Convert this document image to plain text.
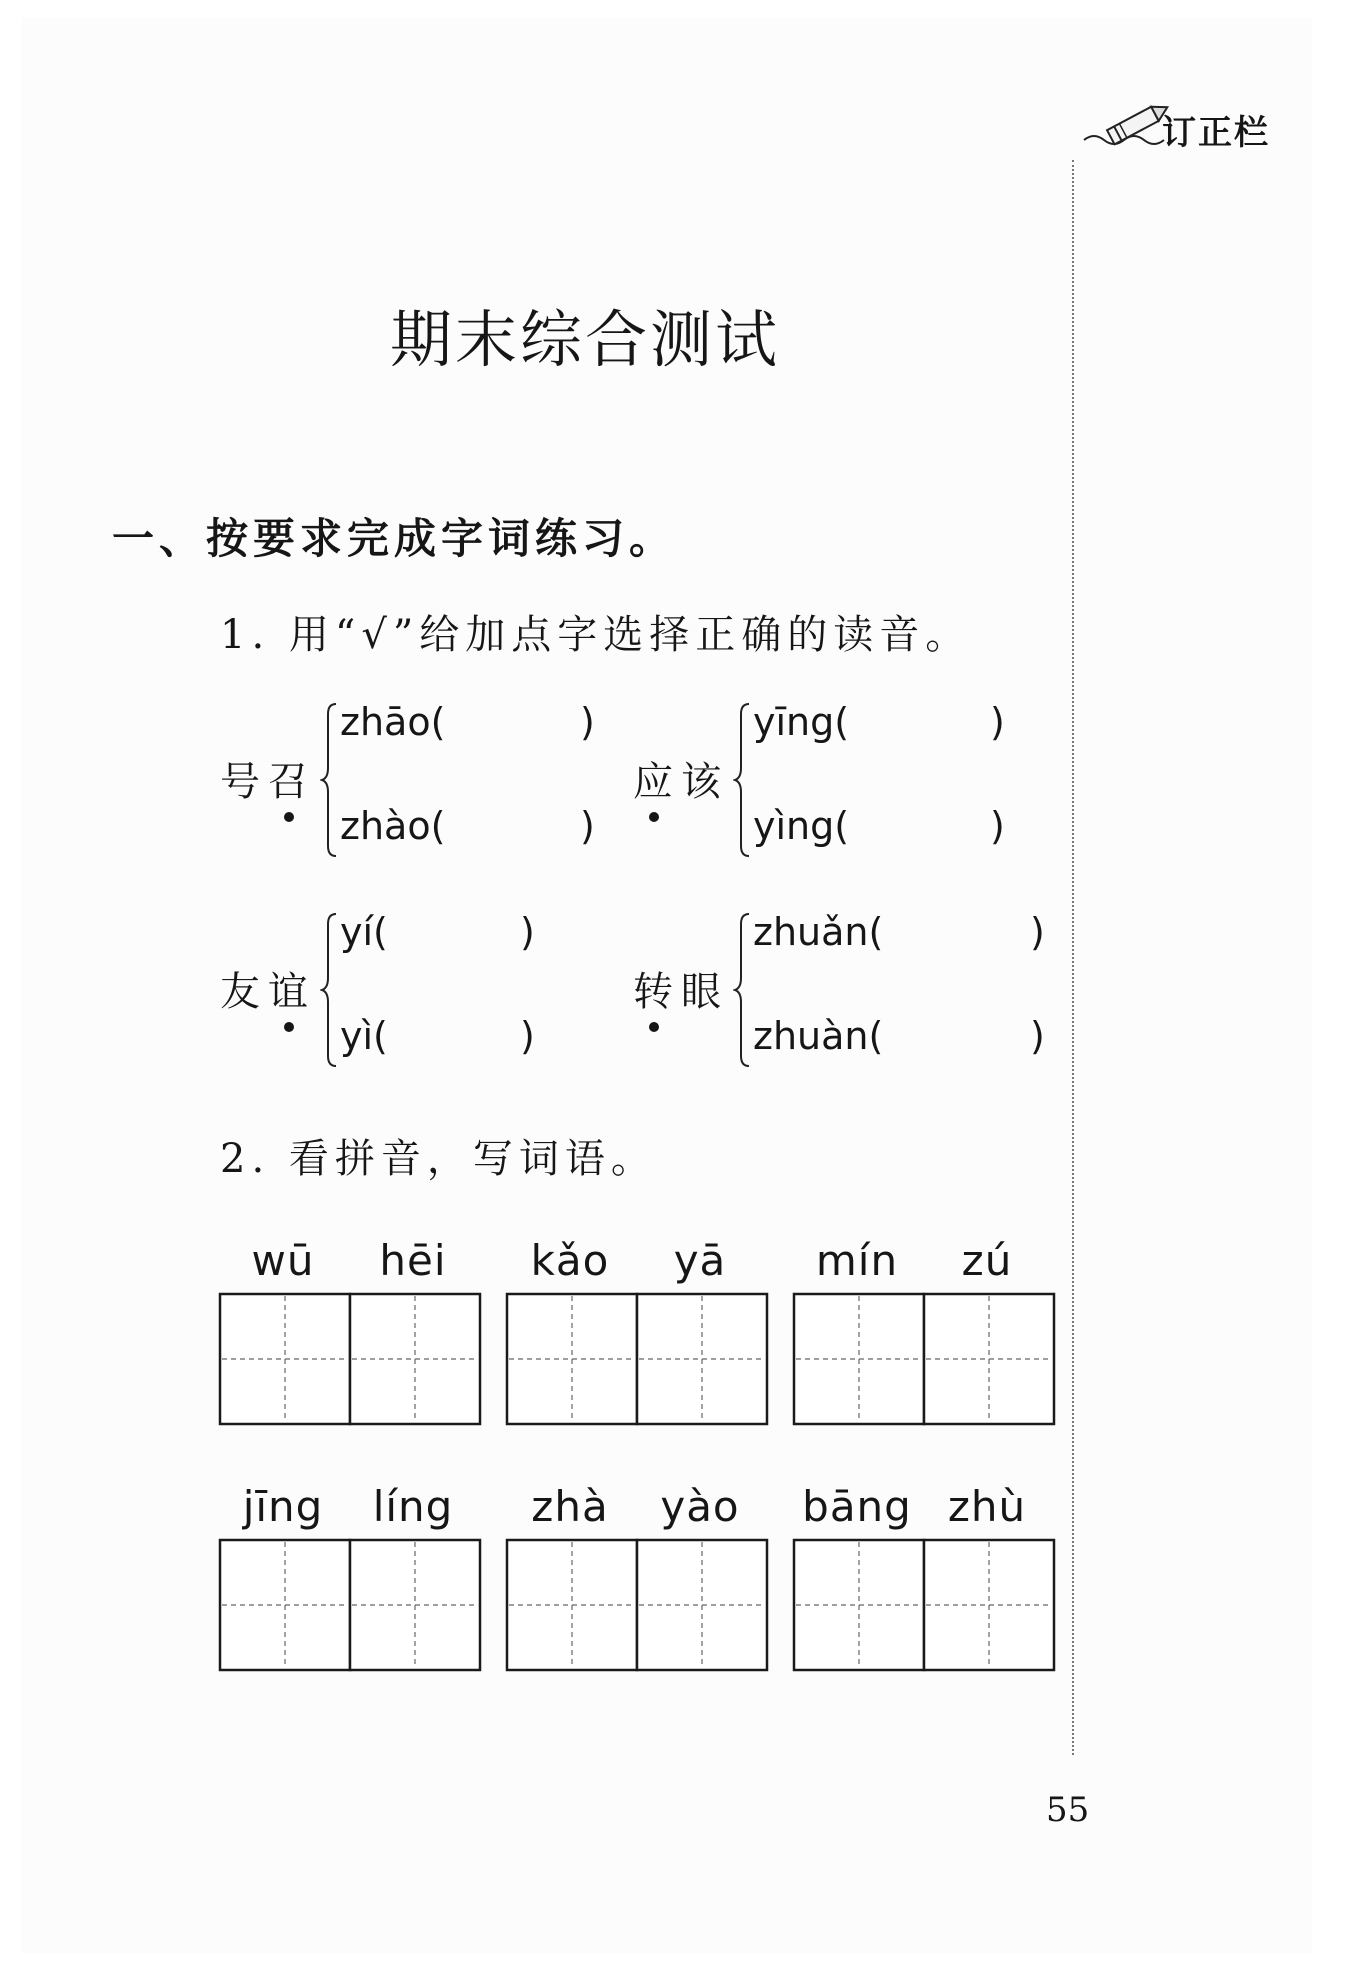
订正栏
期末综合测试
一、按要求完成字词练习。
1. 用“√”给加点字选择正确的读音。
号召
zhāo(	)
zhào(	)
应该
yīng(	)
yìng(	)
友谊
yí(	)
yì(	)
转眼
zhuǎn(	)
zhuàn(	)
2. 看拼音，写词语。
wū	hēi	kǎo	yā	mín	zú
jīng	líng	zhà	yào	bāng zhù
55
